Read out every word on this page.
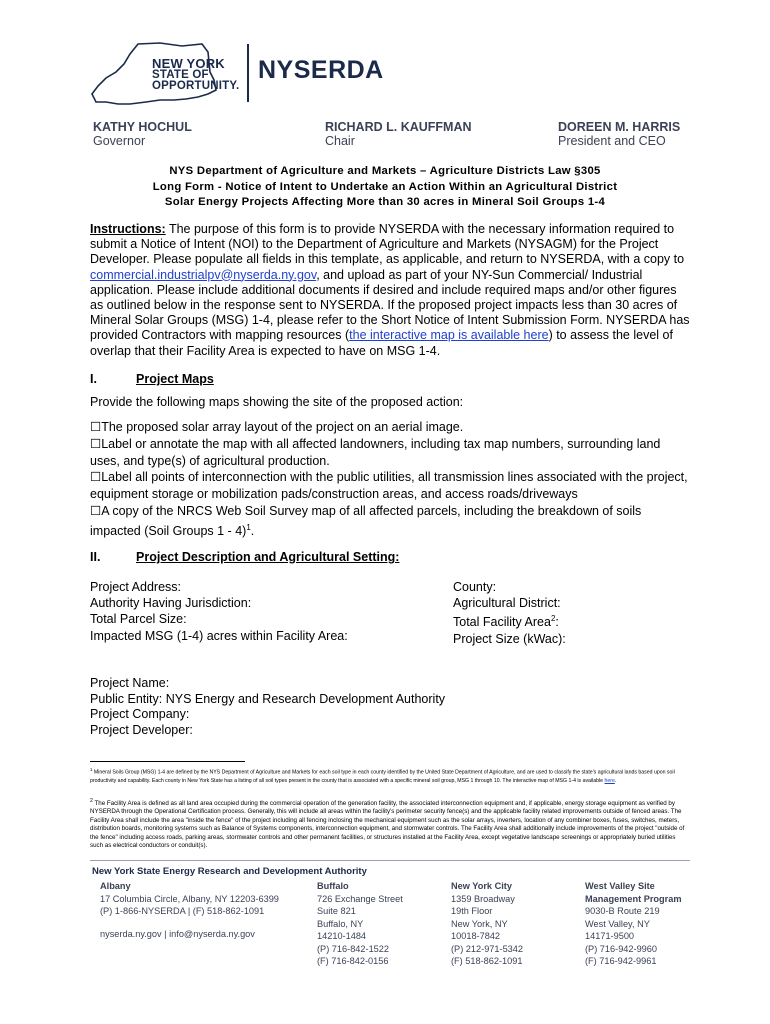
NEW YORK
STATE OF
OPPORTUNITY.
NYSERDA
KATHY HOCHUL
Governor
RICHARD L. KAUFFMAN
Chair
DOREEN M. HARRIS
President and CEO
NYS Department of Agriculture and Markets – Agriculture Districts Law §305
Long Form - Notice of Intent to Undertake an Action Within an Agricultural District
Solar Energy Projects Affecting More than 30 acres in Mineral Soil Groups 1-4
Instructions: The purpose of this form is to provide NYSERDA with the necessary information required to submit a Notice of Intent (NOI) to the Department of Agriculture and Markets (NYSAGM) for the Project Developer. Please populate all fields in this template, as applicable, and return to NYSERDA, with a copy to commercial.industrialpv@nyserda.ny.gov, and upload as part of your NY-Sun Commercial/ Industrial application. Please include additional documents if desired and include required maps and/or other figures as outlined below in the response sent to NYSERDA. If the proposed project impacts less than 30 acres of Mineral Solar Groups (MSG) 1-4, please refer to the Short Notice of Intent Submission Form. NYSERDA has provided Contractors with mapping resources (the interactive map is available here) to assess the level of overlap that their Facility Area is expected to have on MSG 1-4.
I.	Project Maps
Provide the following maps showing the site of the proposed action:
☐The proposed solar array layout of the project on an aerial image.
☐Label or annotate the map with all affected landowners, including tax map numbers, surrounding land uses, and type(s) of agricultural production.
☐Label all points of interconnection with the public utilities, all transmission lines associated with the project, equipment storage or mobilization pads/construction areas, and access roads/driveways
☐A copy of the NRCS Web Soil Survey map of all affected parcels, including the breakdown of soils impacted (Soil Groups 1 - 4)$^1$.
II.	Project Description and Agricultural Setting:
Project Address:
Authority Having Jurisdiction:
Total Parcel Size:
Impacted MSG (1-4) acres within Facility Area:
County:
Agricultural District:
Total Facility Area$^2$:
Project Size (kWac):
Project Name:
Public Entity: NYS Energy and Research Development Authority
Project Company:
Project Developer:
$^1$ Mineral Soils Group (MSG) 1-4 are defined by the NYS Department of Agriculture and Markets for each soil type in each county identified by the United State Department of Agriculture, and are used to classify the state's agricultural lands based upon soil productivity and capability. Each county in New York State has a listing of all soil types present in the county that is associated with a specific mineral soil group, MSG 1 through 10. The interactive map of MSG 1-4 is available here.
$^2$ The Facility Area is defined as all land area occupied during the commercial operation of the generation facility, the associated interconnection equipment and, if applicable, energy storage equipment as verified by NYSERDA through the Operational Certification process. Generally, this will include all areas within the facility's perimeter security fence(s) and the applicable facility related improvements outside of fenced areas. The Facility Area shall include the area "inside the fence" of the project including all fencing inclosing the mechanical equipment such as the solar arrays, inverters, location of any combiner boxes, fuses, switches, meters, distribution boards, monitoring systems such as Balance of Systems components, interconnection equipment, and stormwater controls. The Facility Area shall additionally include improvements of the project "outside of the fence" including access roads, parking areas, stormwater controls and other permanent facilities, or structures installed at the Facility Area, except vegetative landscape screenings or appropriately buried utilities such as electrical conductors or conduit(s).
New York State Energy Research and Development Authority
Albany
17 Columbia Circle, Albany, NY 12203-6399
(P) 1-866-NYSERDA | (F) 518-862-1091
nyserda.ny.gov | info@nyserda.ny.gov
Buffalo
726 Exchange Street
Suite 821
Buffalo, NY
14210-1484
(P) 716-842-1522
(F) 716-842-0156
New York City
1359 Broadway
19th Floor
New York, NY
10018-7842
(P) 212-971-5342
(F) 518-862-1091
West Valley Site
Management Program
9030-B Route 219
West Valley, NY
14171-9500
(P) 716-942-9960
(F) 716-942-9961
